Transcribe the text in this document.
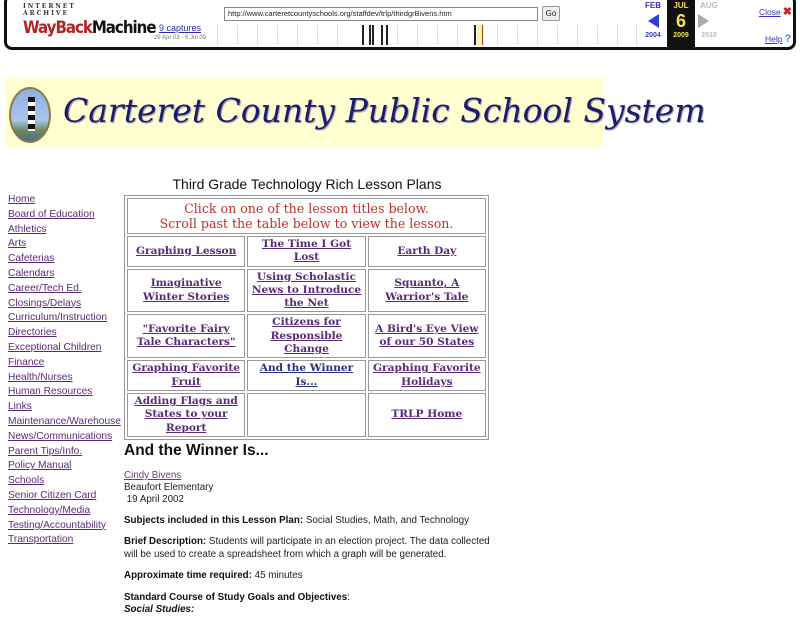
INTERNET ARCHIVE
WayBackMachine 9 captures
29 Apr 03 - 6 Jul 09
http://www.carteretcountyschools.org/staffdev/trlp/thirdgrBivens.htm	Go
FEB
2004
JUL
6
2009
AUG
2010
Close ✖
Help ?
Carteret County Public School System
Home
Board of Education
Athletics
Arts
Cafeterias
Calendars
Career/Tech Ed.
Closings/Delays
Curriculum/Instruction
Directories
Exceptional Children
Finance
Health/Nurses
Human Resources
Links
Maintenance/Warehouse
News/Communications
Parent Tips/Info.
Policy Manual
Schools
Senior Citizen Card
Technology/Media
Testing/Accountability
Transportation
Third Grade Technology Rich Lesson Plans
Click on one of the lesson titles below.
Scroll past the table below to view the lesson.		
Graphing Lesson	The Time I Got Lost	Earth Day
Imaginative Winter Stories	Using Scholastic News to Introduce the Net	Squanto, A Warrior's Tale
"Favorite Fairy Tale Characters"	Citizens for Responsible Change	A Bird's Eye View of our 50 States
Graphing Favorite Fruit	And the Winner Is...	Graphing Favorite Holidays
Adding Flags and States to your Report		TRLP Home
And the Winner Is...
Cindy Bivens
Beaufort Elementary
19 April 2002
Subjects included in this Lesson Plan: Social Studies, Math, and Technology
Brief Description: Students will participate in an election project. The data collected will be used to create a spreadsheet from which a graph will be generated.
Approximate time required: 45 minutes
Standard Course of Study Goals and Objectives:
Social Studies:
